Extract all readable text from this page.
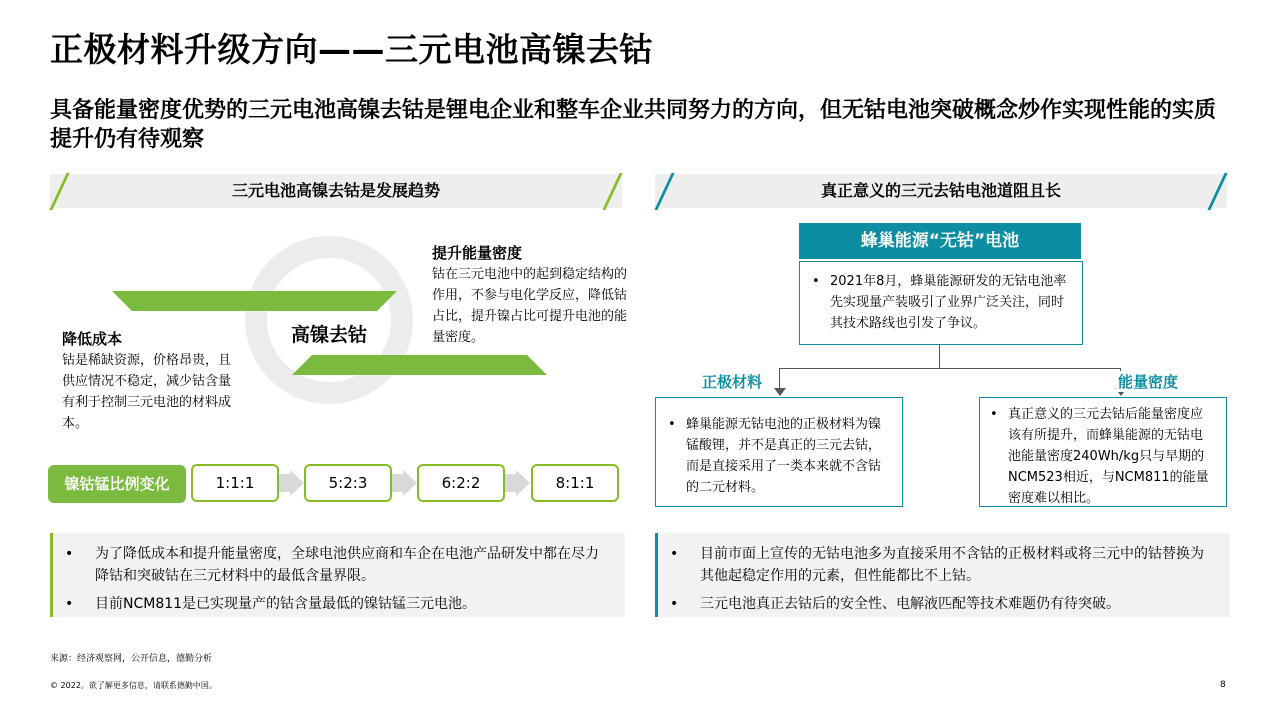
正极材料升级方向——三元电池高镍去钴
具备能量密度优势的三元电池高镍去钴是锂电企业和整车企业共同努力的方向，但无钴电池突破概念炒作实现性能的实质提升仍有待观察
三元电池高镍去钴是发展趋势
高镍去钴
提升能量密度
钴在三元电池中的起到稳定结构的作用，不参与电化学反应，降低钴占比，提升镍占比可提升电池的能量密度。
降低成本
钴是稀缺资源，价格昂贵，且供应情况不稳定，减少钴含量有利于控制三元电池的材料成本。
镍钴锰比例变化	1:1:1	5:2:3	6:2:2	8:1:1
• 为了降低成本和提升能量密度，全球电池供应商和车企在电池产品研发中都在尽力降钴和突破钴在三元材料中的最低含量界限。
• 目前NCM811是已实现量产的钴含量最低的镍钴锰三元电池。
真正意义的三元去钴电池道阻且长
蜂巢能源“无钴”电池
• 2021年8月，蜂巢能源研发的无钴电池率先实现量产装吸引了业界广泛关注，同时其技术路线也引发了争议。
正极材料	能量密度
• 蜂巢能源无钴电池的正极材料为镍锰酸锂，并不是真正的三元去钴，而是直接采用了一类本来就不含钴的二元材料。
• 真正意义的三元去钴后能量密度应该有所提升，而蜂巢能源的无钴电池能量密度240Wh/kg只与早期的NCM523相近，与NCM811的能量密度难以相比。
• 目前市面上宣传的无钴电池多为直接采用不含钴的正极材料或将三元中的钴替换为其他起稳定作用的元素，但性能都比不上钴。
• 三元电池真正去钴后的安全性、电解液匹配等技术难题仍有待突破。
来源：经济观察网，公开信息，德勤分析
© 2022。欲了解更多信息，请联系德勤中国。	8
